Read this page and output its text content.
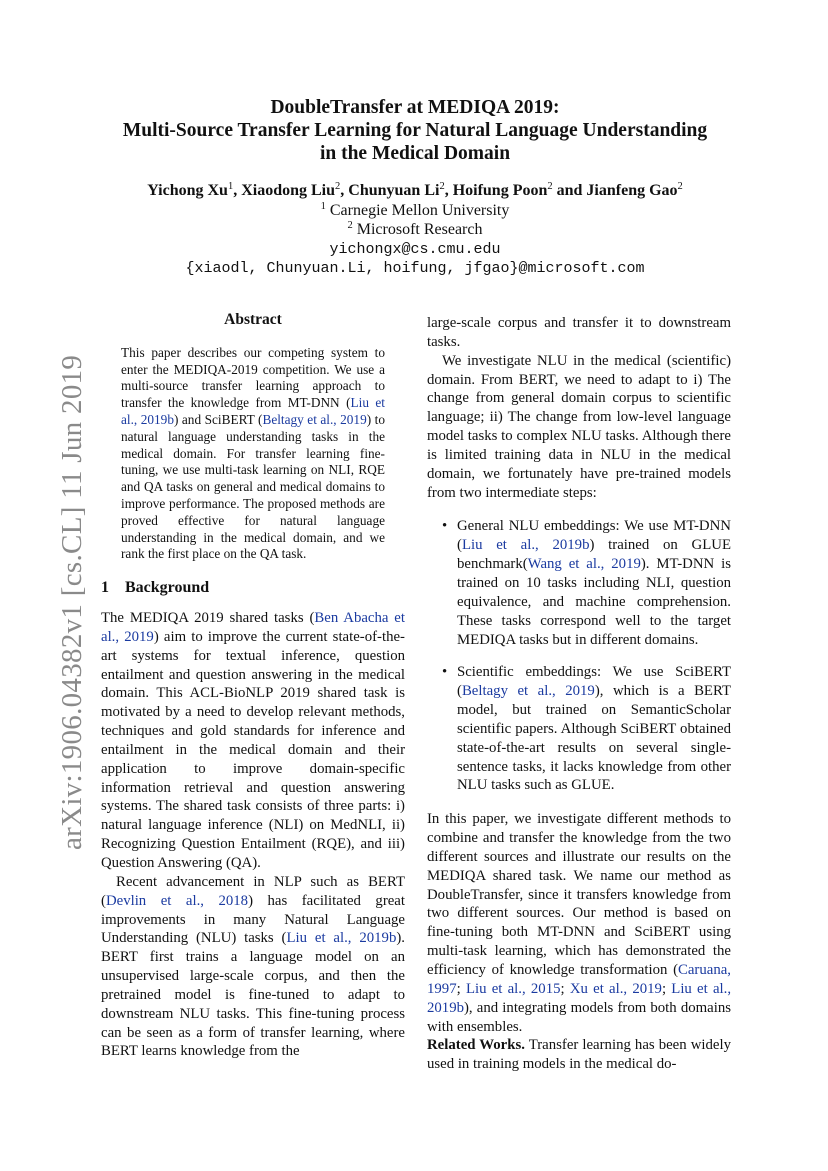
arXiv:1906.04382v1 [cs.CL] 11 Jun 2019
DoubleTransfer at MEDIQA 2019:
Multi-Source Transfer Learning for Natural Language Understanding
in the Medical Domain
Yichong Xu$^1$, Xiaodong Liu$^2$, Chunyuan Li$^2$, Hoifung Poon$^2$ and Jianfeng Gao$^2$
$^1$ Carnegie Mellon University
$^2$ Microsoft Research
yichongx@cs.cmu.edu
{xiaodl, Chunyuan.Li, hoifung, jfgao}@microsoft.com
Abstract
This paper describes our competing system to enter the MEDIQA-2019 competition. We use a multi-source transfer learning approach to transfer the knowledge from MT-DNN (Liu et al., 2019b) and SciBERT (Beltagy et al., 2019) to natural language understanding tasks in the medical domain. For transfer learning fine-tuning, we use multi-task learning on NLI, RQE and QA tasks on general and medical domains to improve performance. The proposed methods are proved effective for natural language understanding in the medical domain, and we rank the first place on the QA task.
1 Background

The MEDIQA 2019 shared tasks (Ben Abacha et al., 2019) aim to improve the current state-of-the-art systems for textual inference, question entailment and question answering in the medical domain. This ACL-BioNLP 2019 shared task is motivated by a need to develop relevant methods, techniques and gold standards for inference and entailment in the medical domain and their application to improve domain-specific information retrieval and question answering systems. The shared task consists of three parts: i) natural language inference (NLI) on MedNLI, ii) Recognizing Question Entailment (RQE), and iii) Question Answering (QA).

Recent advancement in NLP such as BERT (Devlin et al., 2018) has facilitated great improvements in many Natural Language Understanding (NLU) tasks (Liu et al., 2019b). BERT first trains a language model on an unsupervised large-scale corpus, and then the pretrained model is fine-tuned to adapt to downstream NLU tasks. This fine-tuning process can be seen as a form of transfer learning, where BERT learns knowledge from the

large-scale corpus and transfer it to downstream tasks.

We investigate NLU in the medical (scientific) domain. From BERT, we need to adapt to i) The change from general domain corpus to scientific language; ii) The change from low-level language model tasks to complex NLU tasks. Although there is limited training data in NLU in the medical domain, we fortunately have pre-trained models from two intermediate steps:

• General NLU embeddings: We use MT-DNN (Liu et al., 2019b) trained on GLUE benchmark(Wang et al., 2019). MT-DNN is trained on 10 tasks including NLI, question equivalence, and machine comprehension. These tasks correspond well to the target MEDIQA tasks but in different domains.
• Scientific embeddings: We use SciBERT (Beltagy et al., 2019), which is a BERT model, but trained on SemanticScholar scientific papers. Although SciBERT obtained state-of-the-art results on several single-sentence tasks, it lacks knowledge from other NLU tasks such as GLUE.

In this paper, we investigate different methods to combine and transfer the knowledge from the two different sources and illustrate our results on the MEDIQA shared task. We name our method as DoubleTransfer, since it transfers knowledge from two different sources. Our method is based on fine-tuning both MT-DNN and SciBERT using multi-task learning, which has demonstrated the efficiency of knowledge transformation (Caruana, 1997; Liu et al., 2015; Xu et al., 2019; Liu et al., 2019b), and integrating models from both domains with ensembles.

Related Works. Transfer learning has been widely used in training models in the medical do-
